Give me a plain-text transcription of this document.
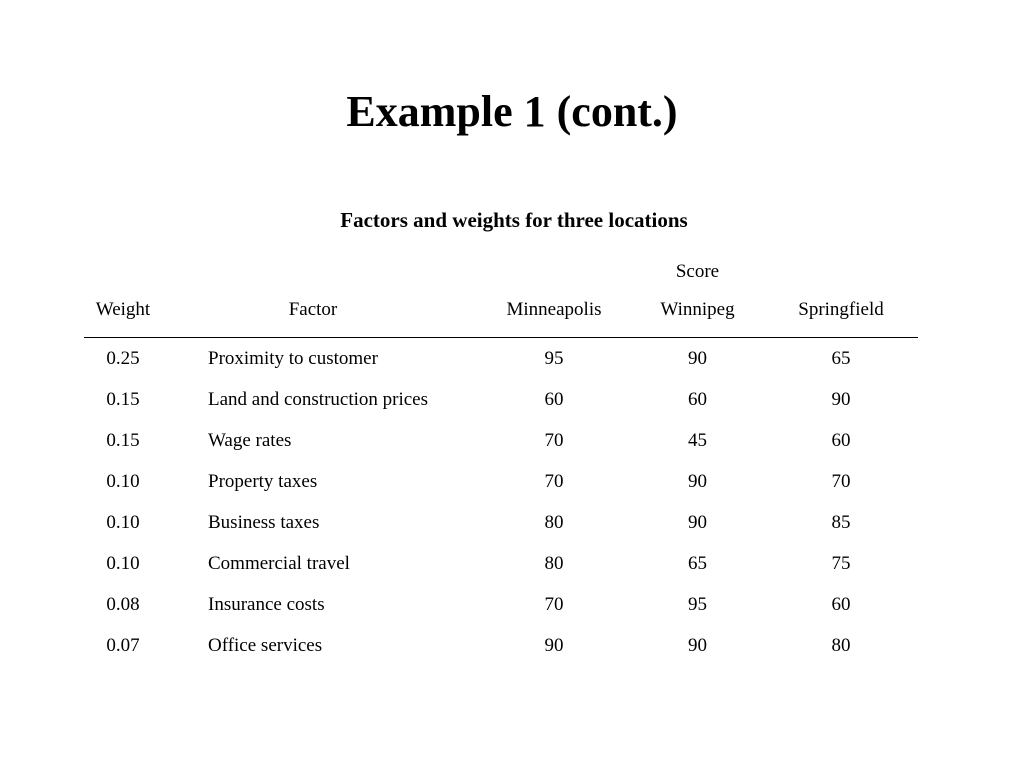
Example 1 (cont.)
Factors and weights for three locations
Score
Weight	Factor	Minneapolis	Winnipeg	Springfield
0.25	Proximity to customer	95	90	65
0.15	Land and construction prices	60	60	90
0.15	Wage rates	70	45	60
0.10	Property taxes	70	90	70
0.10	Business taxes	80	90	85
0.10	Commercial travel	80	65	75
0.08	Insurance costs	70	95	60
0.07	Office services	90	90	80
